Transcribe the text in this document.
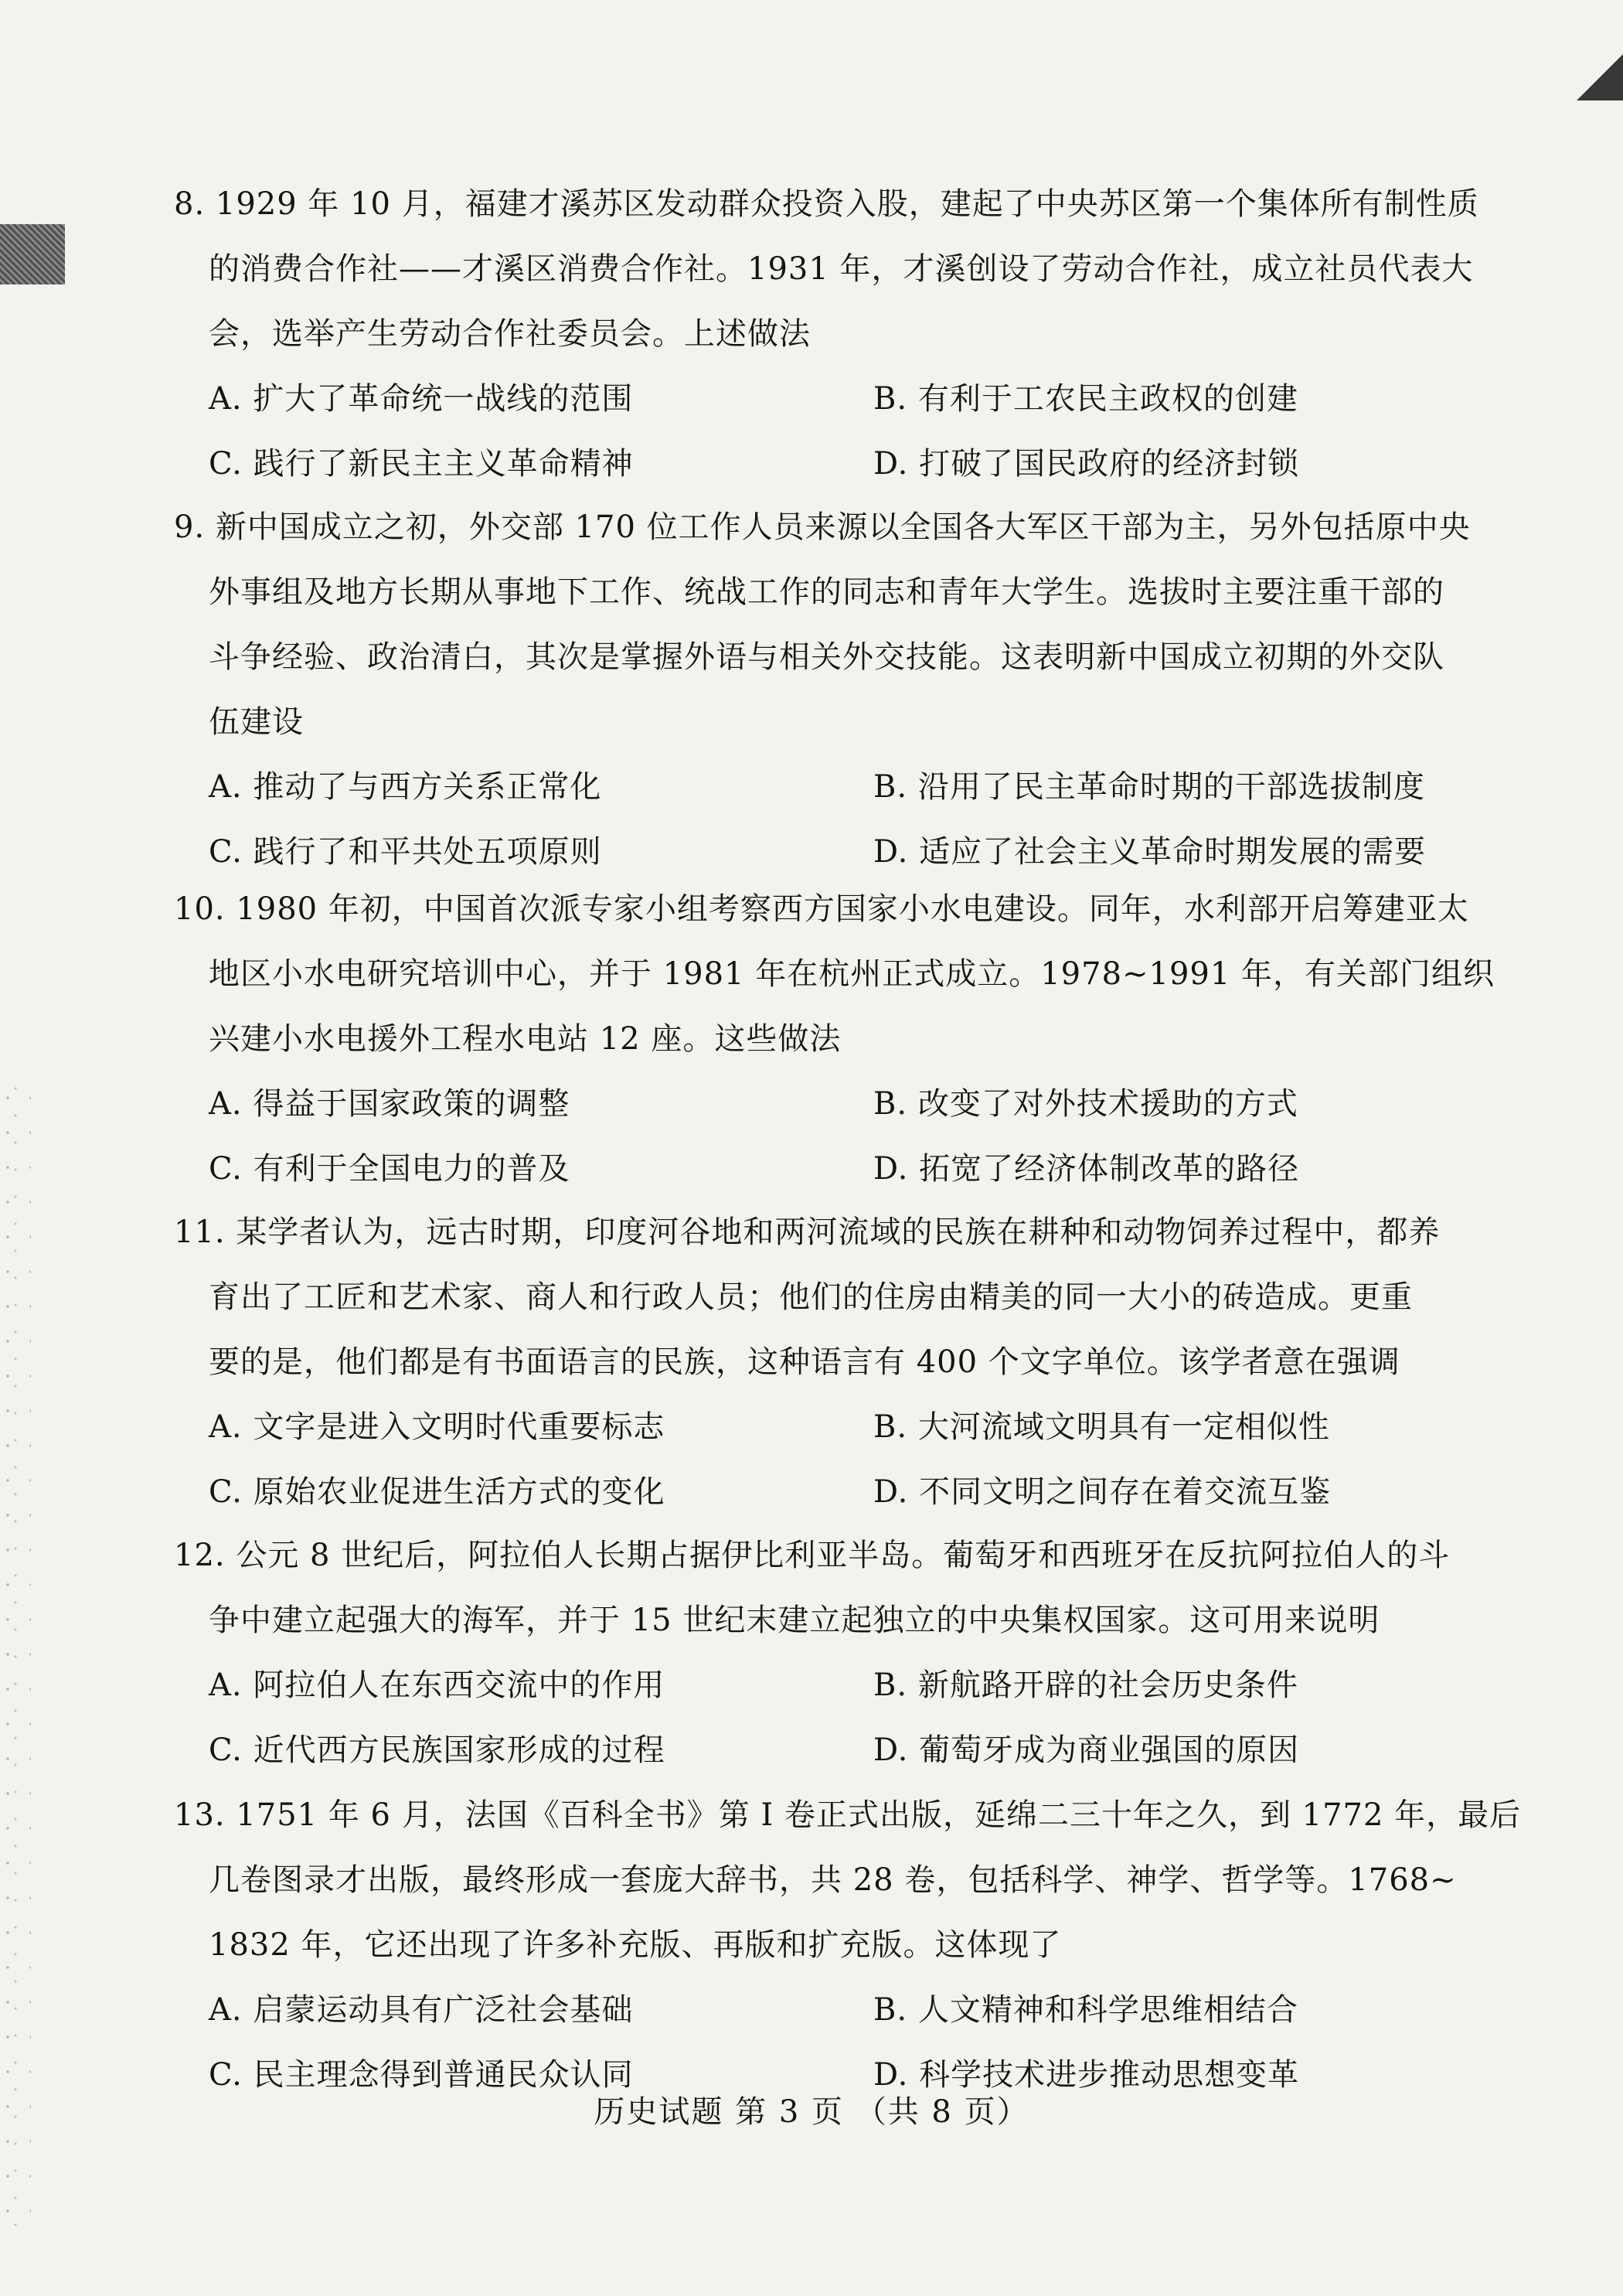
8. 1929 年 10 月，福建才溪苏区发动群众投资入股，建起了中央苏区第一个集体所有制性质
的消费合作社——才溪区消费合作社。1931 年，才溪创设了劳动合作社，成立社员代表大
会，选举产生劳动合作社委员会。上述做法
A. 扩大了革命统一战线的范围	B. 有利于工农民主政权的创建
C. 践行了新民主主义革命精神	D. 打破了国民政府的经济封锁
9. 新中国成立之初，外交部 170 位工作人员来源以全国各大军区干部为主，另外包括原中央
外事组及地方长期从事地下工作、统战工作的同志和青年大学生。选拔时主要注重干部的
斗争经验、政治清白，其次是掌握外语与相关外交技能。这表明新中国成立初期的外交队
伍建设
A. 推动了与西方关系正常化	B. 沿用了民主革命时期的干部选拔制度
C. 践行了和平共处五项原则	D. 适应了社会主义革命时期发展的需要
10. 1980 年初，中国首次派专家小组考察西方国家小水电建设。同年，水利部开启筹建亚太
地区小水电研究培训中心，并于 1981 年在杭州正式成立。1978~1991 年，有关部门组织
兴建小水电援外工程水电站 12 座。这些做法
A. 得益于国家政策的调整	B. 改变了对外技术援助的方式
C. 有利于全国电力的普及	D. 拓宽了经济体制改革的路径
11. 某学者认为，远古时期，印度河谷地和两河流域的民族在耕种和动物饲养过程中，都养
育出了工匠和艺术家、商人和行政人员；他们的住房由精美的同一大小的砖造成。更重
要的是，他们都是有书面语言的民族，这种语言有 400 个文字单位。该学者意在强调
A. 文字是进入文明时代重要标志	B. 大河流域文明具有一定相似性
C. 原始农业促进生活方式的变化	D. 不同文明之间存在着交流互鉴
12. 公元 8 世纪后，阿拉伯人长期占据伊比利亚半岛。葡萄牙和西班牙在反抗阿拉伯人的斗
争中建立起强大的海军，并于 15 世纪末建立起独立的中央集权国家。这可用来说明
A. 阿拉伯人在东西交流中的作用	B. 新航路开辟的社会历史条件
C. 近代西方民族国家形成的过程	D. 葡萄牙成为商业强国的原因
13. 1751 年 6 月，法国《百科全书》第 I 卷正式出版，延绵二三十年之久，到 1772 年，最后
几卷图录才出版，最终形成一套庞大辞书，共 28 卷，包括科学、神学、哲学等。1768~
1832 年，它还出现了许多补充版、再版和扩充版。这体现了
A. 启蒙运动具有广泛社会基础	B. 人文精神和科学思维相结合
C. 民主理念得到普通民众认同	D. 科学技术进步推动思想变革
历史试题 第 3 页 （共 8 页）
